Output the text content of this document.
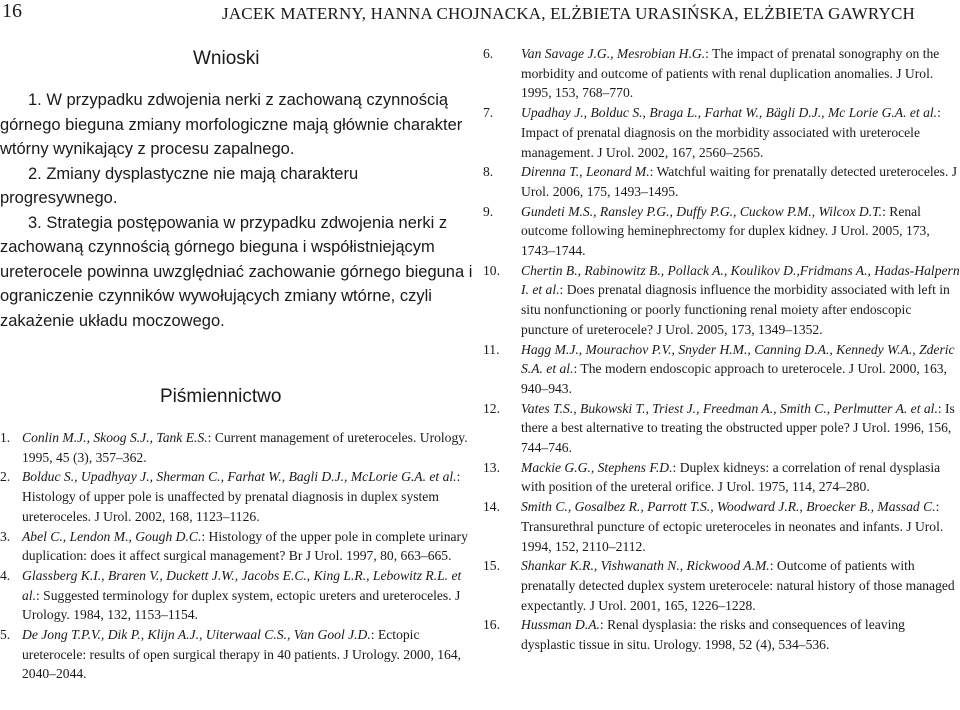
16	JACEK MATERNY, HANNA CHOJNACKA, ELŻBIETA URASIŃSKA, ELŻBIETA GAWRYCH
Wnioski

1. W przypadku zdwojenia nerki z zachowaną czynnością górnego bieguna zmiany morfologiczne mają głównie charakter wtórny wynikający z procesu zapalnego.

2. Zmiany dysplastyczne nie mają charakteru progresywnego.

3. Strategia postępowania w przypadku zdwojenia nerki z zachowaną czynnością górnego bieguna i współistniejącym ureterocele powinna uwzględniać zachowanie górnego bieguna i ograniczenie czynników wywołujących zmiany wtórne, czyli zakażenie układu moczowego.

Piśmiennictwo
1. Conlin M.J., Skoog S.J., Tank E.S.: Current management of ureteroceles. Urology. 1995, 45 (3), 357–362.
2. Bolduc S., Upadhyay J., Sherman C., Farhat W., Bagli D.J., McLorie G.A. et al.: Histology of upper pole is unaffected by prenatal diagnosis in duplex system ureteroceles. J Urol. 2002, 168, 1123–1126.
3. Abel C., Lendon M., Gough D.C.: Histology of the upper pole in complete urinary duplication: does it affect surgical management? Br J Urol. 1997, 80, 663–665.
4. Glassberg K.I., Braren V., Duckett J.W., Jacobs E.C., King L.R., Lebowitz R.L. et al.: Suggested terminology for duplex system, ectopic ureters and ureteroceles. J Urology. 1984, 132, 1153–1154.
5. De Jong T.P.V., Dik P., Klijn A.J., Uiterwaal C.S., Van Gool J.D.: Ectopic ureterocele: results of open surgical therapy in 40 patients. J Urology. 2000, 164, 2040–2044.
6.	Van Savage J.G., Mesrobian H.G.: The impact of prenatal sonography on the morbidity and outcome of patients with renal duplication anomalies. J Urol. 1995, 153, 768–770.
7.	Upadhay J., Bolduc S., Braga L., Farhat W., Bägli D.J., Mc Lorie G.A. et al.: Impact of prenatal diagnosis on the morbidity associated with ureterocele management. J Urol. 2002, 167, 2560–2565.
8.	Direnna T., Leonard M.: Watchful waiting for prenatally detected ureteroceles. J Urol. 2006, 175, 1493–1495.
9.	Gundeti M.S., Ransley P.G., Duffy P.G., Cuckow P.M., Wilcox D.T.: Renal outcome following heminephrectomy for duplex kidney. J Urol. 2005, 173, 1743–1744.
10.	Chertin B., Rabinowitz B., Pollack A., Koulikov D.,Fridmans A., Hadas-Halpern I. et al.: Does prenatal diagnosis influence the morbidity associated with left in situ nonfunctioning or poorly functioning renal moiety after endoscopic puncture of ureterocele? J Urol. 2005, 173, 1349–1352.
11.	Hagg M.J., Mourachov P.V., Snyder H.M., Canning D.A., Kennedy W.A., Zderic S.A. et al.: The modern endoscopic approach to ureterocele. J Urol. 2000, 163, 940–943.
12.	Vates T.S., Bukowski T., Triest J., Freedman A., Smith C., Perlmutter A. et al.: Is there a best alternative to treating the obstructed upper pole? J Urol. 1996, 156, 744–746.
13.	Mackie G.G., Stephens F.D.: Duplex kidneys: a correlation of renal dysplasia with position of the ureteral orifice. J Urol. 1975, 114, 274–280.
14.	Smith C., Gosalbez R., Parrott T.S., Woodward J.R., Broecker B., Massad C.: Transurethral puncture of ectopic ureteroceles in neonates and infants. J Urol. 1994, 152, 2110–2112.
15.	Shankar K.R., Vishwanath N., Rickwood A.M.: Outcome of patients with prenatally detected duplex system ureterocele: natural history of those managed expectantly. J Urol. 2001, 165, 1226–1228.
16.	Hussman D.A.: Renal dysplasia: the risks and consequences of leaving dysplastic tissue in situ. Urology. 1998, 52 (4), 534–536.
